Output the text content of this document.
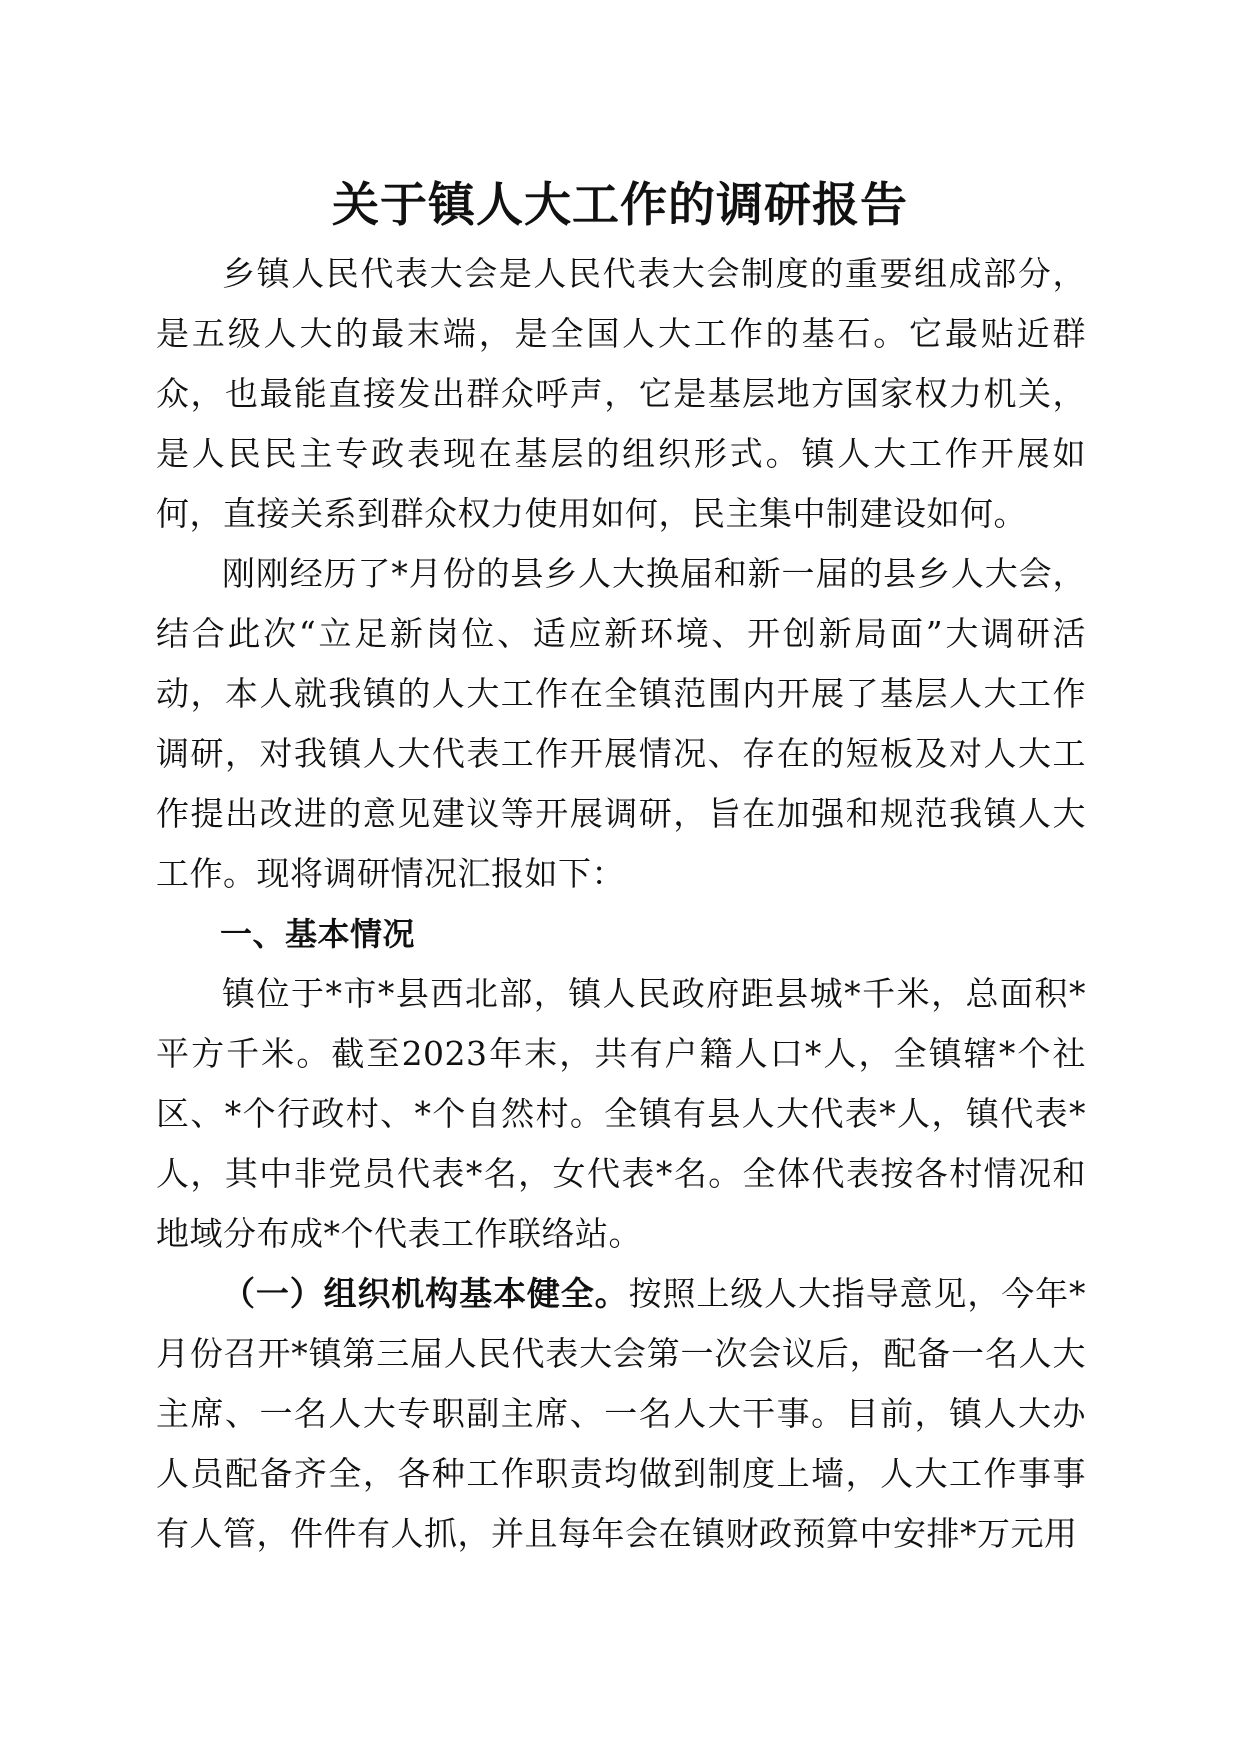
关于镇人大工作的调研报告

乡镇人民代表大会是人民代表大会制度的重要组成部分，是五级人大的最末端，是全国人大工作的基石。它最贴近群众，也最能直接发出群众呼声，它是基层地方国家权力机关，是人民民主专政表现在基层的组织形式。镇人大工作开展如何，直接关系到群众权力使用如何，民主集中制建设如何。

刚刚经历了*月份的县乡人大换届和新一届的县乡人大会，结合此次“立足新岗位、适应新环境、开创新局面”大调研活动，本人就我镇的人大工作在全镇范围内开展了基层人大工作调研，对我镇人大代表工作开展情况、存在的短板及对人大工作提出改进的意见建议等开展调研，旨在加强和规范我镇人大工作。现将调研情况汇报如下：

一、基本情况

镇位于*市*县西北部，镇人民政府距县城*千米，总面积*平方千米。截至2023年末，共有户籍人口*人，全镇辖*个社区、*个行政村、*个自然村。全镇有县人大代表*人，镇代表*人，其中非党员代表*名，女代表*名。全体代表按各村情况和地域分布成*个代表工作联络站。

（一）组织机构基本健全。按照上级人大指导意见，今年*月份召开*镇第三届人民代表大会第一次会议后，配备一名人大主席、一名人大专职副主席、一名人大干事。目前，镇人大办人员配备齐全，各种工作职责均做到制度上墙，人大工作事事有人管，件件有人抓，并且每年会在镇财政预算中安排*万元用
